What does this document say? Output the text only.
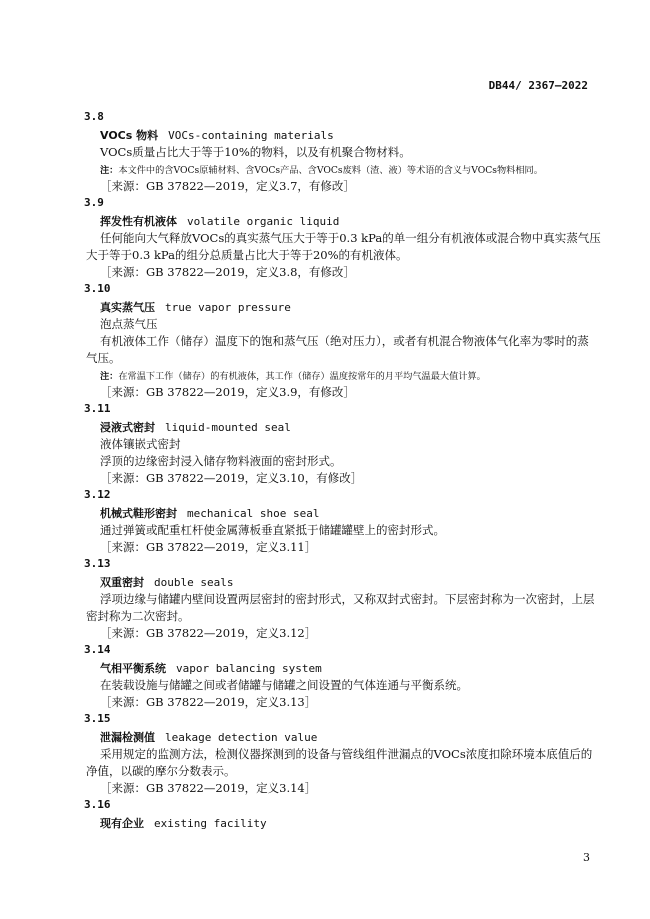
DB44/ 2367—2022
3.8
VOCs 物料 VOCs-containing materials
VOCs质量占比大于等于10%的物料，以及有机聚合物材料。
注：本文件中的含VOCs原辅材料、含VOCs产品、含VOCs废料（渣、液）等术语的含义与VOCs物料相同。
［来源：GB 37822—2019，定义3.7，有修改］
3.9
挥发性有机液体 volatile organic liquid
任何能向大气释放VOCs的真实蒸气压大于等于0.3 kPa的单一组分有机液体或混合物中真实蒸气压
大于等于0.3 kPa的组分总质量占比大于等于20%的有机液体。
［来源：GB 37822—2019，定义3.8，有修改］
3.10
真实蒸气压 true vapor pressure
泡点蒸气压
有机液体工作（储存）温度下的饱和蒸气压（绝对压力），或者有机混合物液体气化率为零时的蒸
气压。
注：在常温下工作（储存）的有机液体，其工作（储存）温度按常年的月平均气温最大值计算。
［来源：GB 37822—2019，定义3.9，有修改］
3.11
浸液式密封 liquid-mounted seal
液体镶嵌式密封
浮顶的边缘密封浸入储存物料液面的密封形式。
［来源：GB 37822—2019，定义3.10，有修改］
3.12
机械式鞋形密封 mechanical shoe seal
通过弹簧或配重杠杆使金属薄板垂直紧抵于储罐罐壁上的密封形式。
［来源：GB 37822—2019，定义3.11］
3.13
双重密封 double seals
浮项边缘与储罐内壁间设置两层密封的密封形式，又称双封式密封。下层密封称为一次密封，上层
密封称为二次密封。
［来源：GB 37822—2019，定义3.12］
3.14
气相平衡系统 vapor balancing system
在装载设施与储罐之间或者储罐与储罐之间设置的气体连通与平衡系统。
［来源：GB 37822—2019，定义3.13］
3.15
泄漏检测值 leakage detection value
采用规定的监测方法，检测仪器探测到的设备与管线组件泄漏点的VOCs浓度扣除环境本底值后的
净值，以碳的摩尔分数表示。
［来源：GB 37822—2019，定义3.14］
3.16
现有企业 existing facility
3
